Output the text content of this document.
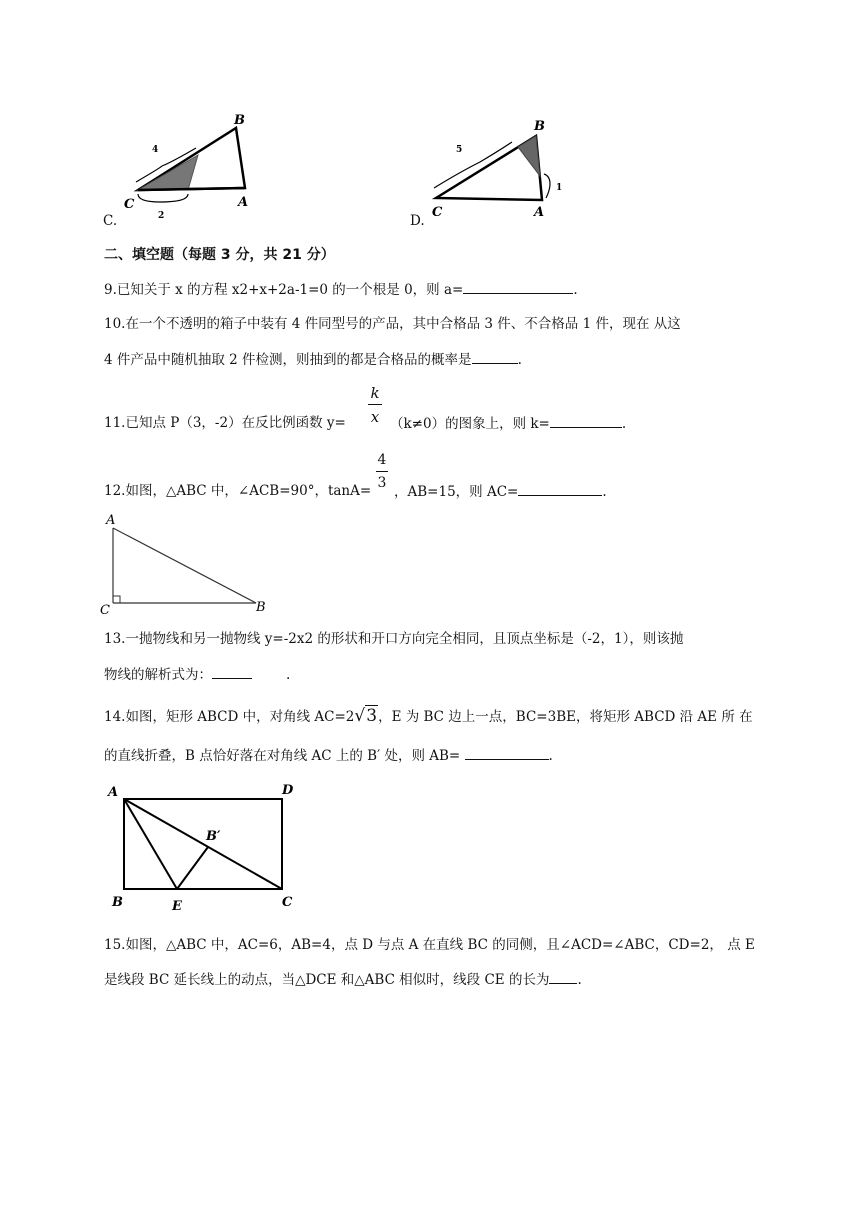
B
C	A
4
2
C.
B
C	A
5
1
D.
二、填空题（每题 3 分，共 21 分）
9.已知关于 x 的方程 x2+x+2a-1=0 的一个根是 0，则 a=	.
10.在一个不透明的箱子中装有 4 件同型号的产品，其中合格品 3 件、不合格品 1 件，现在 从这
4 件产品中随机抽取 2 件检测，则抽到的都是合格品的概率是	.
11.已知点 P（3，-2）在反比例函数 y=
k
x （k≠0）的图象上，则 k=	.
12.如图，△ABC 中，∠ACB=90°，tanA=
4
3
，AB=15，则 AC=	.
A
C	B
13.一抛物线和另一抛物线 y=-2x2 的形状和开口方向完全相同，且顶点坐标是（-2，1），则该抛
物线的解析式为：	.
14.如图，矩形 ABCD 中，对角线 AC=2√3，E 为 BC 边上一点，BC=3BE，将矩形 ABCD 沿 AE 所 在
的直线折叠，B 点恰好落在对角线 AC 上的 B′ 处，则 AB=	.
A	D
B′
B	E	C
15.如图，△ABC 中，AC=6，AB=4，点 D 与点 A 在直线 BC 的同侧，且∠ACD=∠ABC，CD=2， 点 E
是线段 BC 延长线上的动点，当△DCE 和△ABC 相似时，线段 CE 的长为 .
